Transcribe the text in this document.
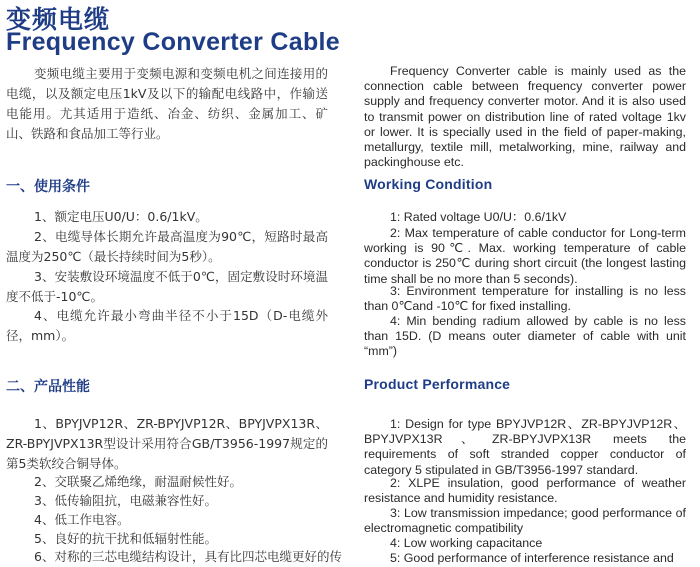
变频电缆
Frequency Converter Cable
变频电缆主要用于变频电源和变频电机之间连接用的电缆，以及额定电压1kV及以下的输配电线路中，作输送电能用。尤其适用于造纸、冶金、纺织、金属加工、矿山、铁路和食品加工等行业。
一、使用条件
1、额定电压U0/U：0.6/1kV。
2、电缆导体长期允许最高温度为90℃，短路时最高温度为250℃（最长持续时间为5秒）。
3、安装敷设环境温度不低于0℃，固定敷设时环境温度不低于-10℃。
4、电缆允许最小弯曲半径不小于15D（D-电缆外径，mm）。
二、产品性能
1、BPYJVP12R、ZR-BPYJVP12R、BPYJVPX13R、ZR-BPYJVPX13R型设计采用符合GB/T3956-1997规定的第5类软绞合铜导体。
2、交联聚乙烯绝缘，耐温耐候性好。
3、低传输阻抗，电磁兼容性好。
4、低工作电容。
5、良好的抗干扰和低辐射性能。
6、对称的三芯电缆结构设计，具有比四芯电缆更好的传
Frequency Converter cable is mainly used as the connection cable between frequency converter power supply and frequency converter motor. And it is also used to transmit power on distribution line of rated voltage 1kv or lower. It is specially used in the field of paper-making, metallurgy, textile mill, metalworking, mine, railway and packinghouse etc.
Working Condition
1: Rated voltage U0/U：0.6/1kV
2: Max temperature of cable conductor for Long-term working is 90℃. Max. working temperature of cable conductor is 250℃ during short circuit (the longest lasting time shall be no more than 5 seconds).
3: Environment temperature for installing is no less than 0℃and -10℃ for fixed installing.
4: Min bending radium allowed by cable is no less than 15D. (D means outer diameter of cable with unit “mm”)
Product Performance
1: Design for type BPYJVP12R、ZR-BPYJVP12R、BPYJVPX13R、ZR-BPYJVPX13R meets the requirements of soft stranded copper conductor of category 5 stipulated in GB/T3956-1997 standard.
2: XLPE insulation, good performance of weather resistance and humidity resistance.
3: Low transmission impedance; good performance of electromagnetic compatibility
4: Low working capacitance
5: Good performance of interference resistance and
